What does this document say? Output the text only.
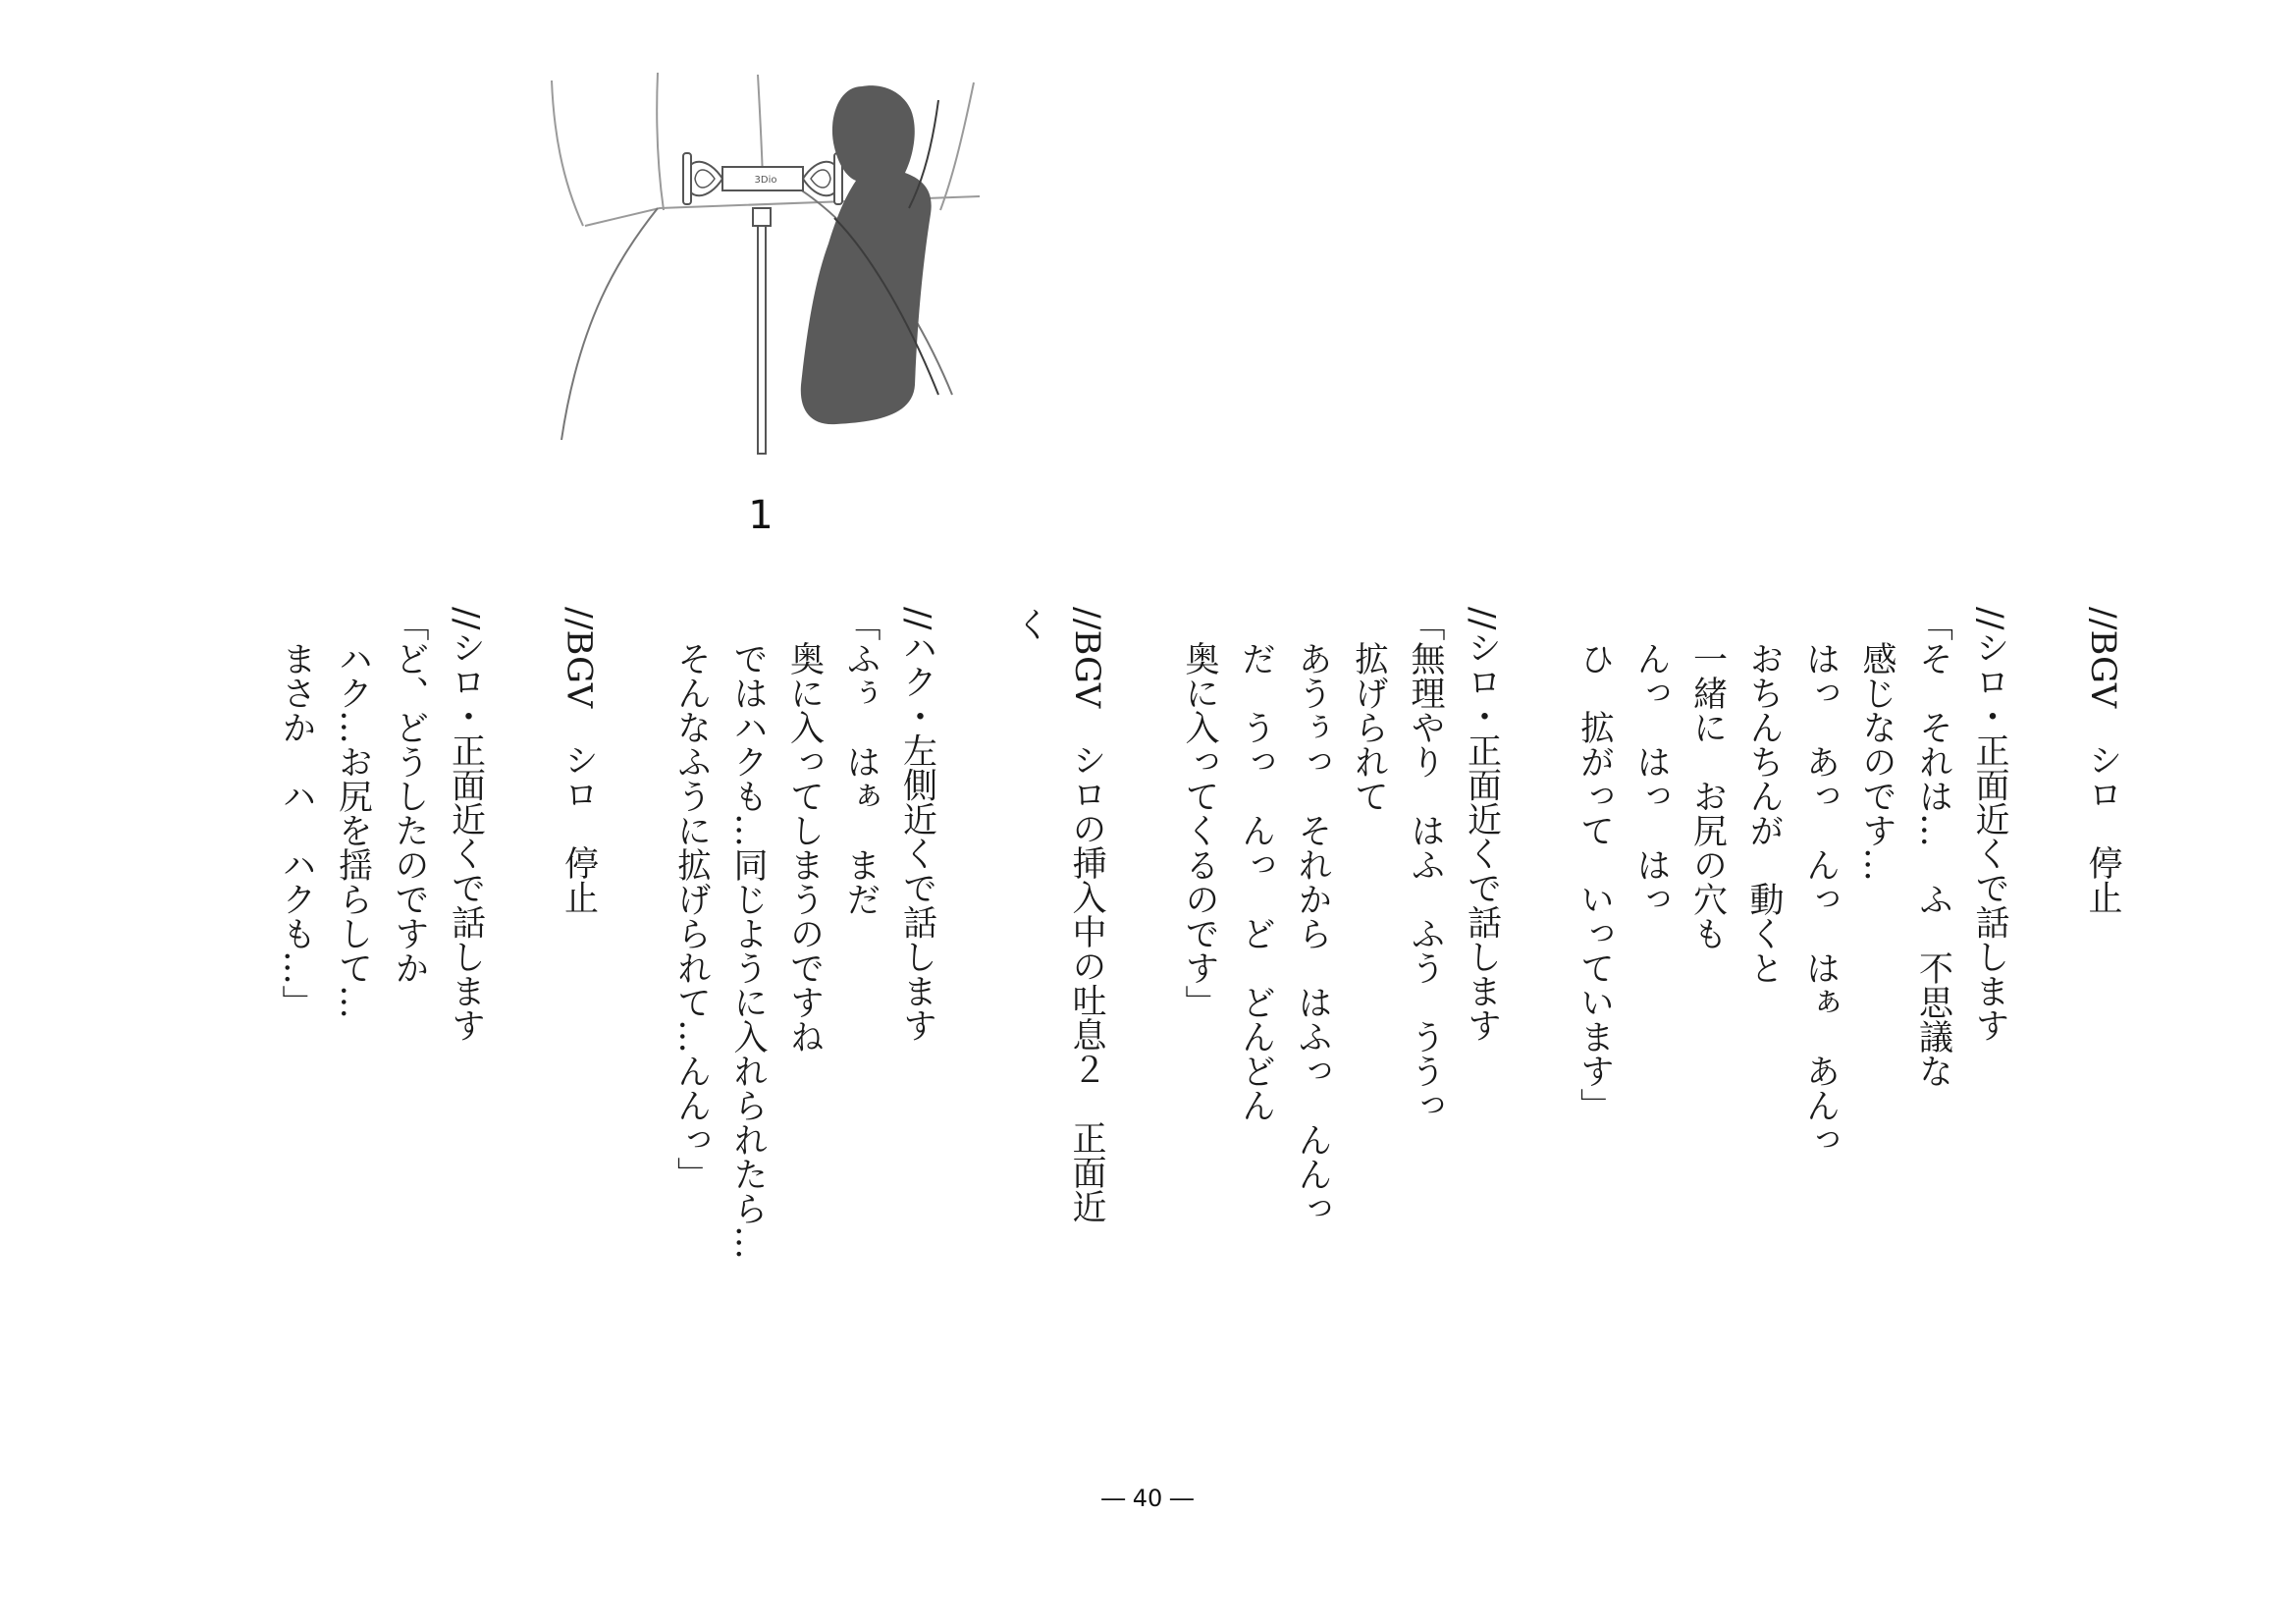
3Dio
1
//BGV　シロ　停止

//シロ・正面近くで話します
「そ　それは…　ふ　不思議な
　感じなのです…
　はっ　あっ　んっ　はぁ　あんっ
　おちんちんが　動くと
　一緒に　お尻の穴も
　んっ　はっ　はっ
　ひ　拡がって　いっています」

//シロ・正面近くで話します
「無理やり　はふ　ふう　ううっ
　拡げられて
　あうぅっ　それから　はふっ　んんっ
　だ　うっ　んっ　ど　どんどん
　奥に入ってくるのです」

//BGV　シロの挿入中の吐息２　正面近
く

//ハク・左側近くで話します
「ふぅ　はぁ　まだ
　奥に入ってしまうのですね
　ではハクも…同じように入れられたら…
　そんなふうに拡げられて…んんっ」

//BGV　シロ　停止

//シロ・正面近くで話します
「ど、どうしたのですか
　ハク…お尻を揺らして…
　まさか　ハ　ハクも…」
― 40 ―
